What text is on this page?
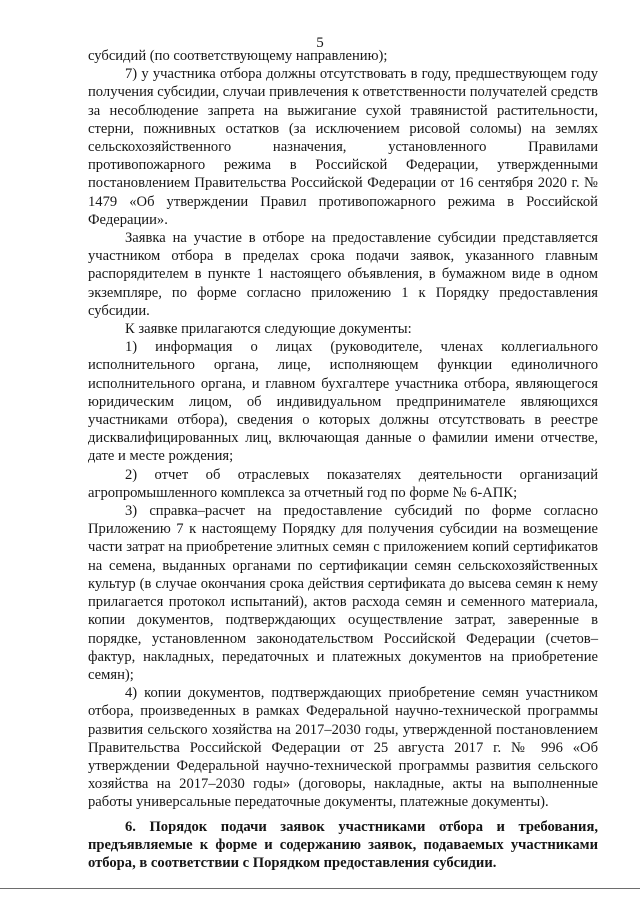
5

субсидий (по соответствующему направлению);

7) у участника отбора должны отсутствовать в году, предшествующем году получения субсидии, случаи привлечения к ответственности получателей средств за несоблюдение запрета на выжигание сухой травянистой растительности, стерни, пожнивных остатков (за исключением рисовой соломы) на землях сельскохозяйственного назначения, установленного Правилами противопожарного режима в Российской Федерации, утвержденными постановлением Правительства Российской Федерации от 16 сентября 2020 г. № 1479 «Об утверждении Правил противопожарного режима в Российской Федерации».

Заявка на участие в отборе на предоставление субсидии представляется участником отбора в пределах срока подачи заявок, указанного главным распорядителем в пункте 1 настоящего объявления, в бумажном виде в одном экземпляре, по форме согласно приложению 1 к Порядку предоставления субсидии.

К заявке прилагаются следующие документы:

1) информация о лицах (руководителе, членах коллегиального исполнительного органа, лице, исполняющем функции единоличного исполнительного органа, и главном бухгалтере участника отбора, являющегося юридическим лицом, об индивидуальном предпринимателе являющихся участниками отбора), сведения о которых должны отсутствовать в реестре дисквалифицированных лиц, включающая данные о фамилии имени отчестве, дате и месте рождения;

2) отчет об отраслевых показателях деятельности организаций агропромышленного комплекса за отчетный год по форме № 6-АПК;

3) справка–расчет на предоставление субсидий по форме согласно Приложению 7 к настоящему Порядку для получения субсидии на возмещение части затрат на приобретение элитных семян с приложением копий сертификатов на семена, выданных органами по сертификации семян сельскохозяйственных культур (в случае окончания срока действия сертификата до высева семян к нему прилагается протокол испытаний), актов расхода семян и семенного материала, копии документов, подтверждающих осуществление затрат, заверенные в порядке, установленном законодательством Российской Федерации (счетов–фактур, накладных, передаточных и платежных документов на приобретение семян);

4) копии документов, подтверждающих приобретение семян участником отбора, произведенных в рамках Федеральной научно-технической программы развития сельского хозяйства на 2017–2030 годы, утвержденной постановлением Правительства Российской Федерации от 25 августа 2017 г. № 996 «Об утверждении Федеральной научно-технической программы развития сельского хозяйства на 2017–2030 годы» (договоры, накладные, акты на выполненные работы универсальные передаточные документы, платежные документы).

6. Порядок подачи заявок участниками отбора и требования, предъявляемые к форме и содержанию заявок, подаваемых участниками отбора, в соответствии с Порядком предоставления субсидии.
